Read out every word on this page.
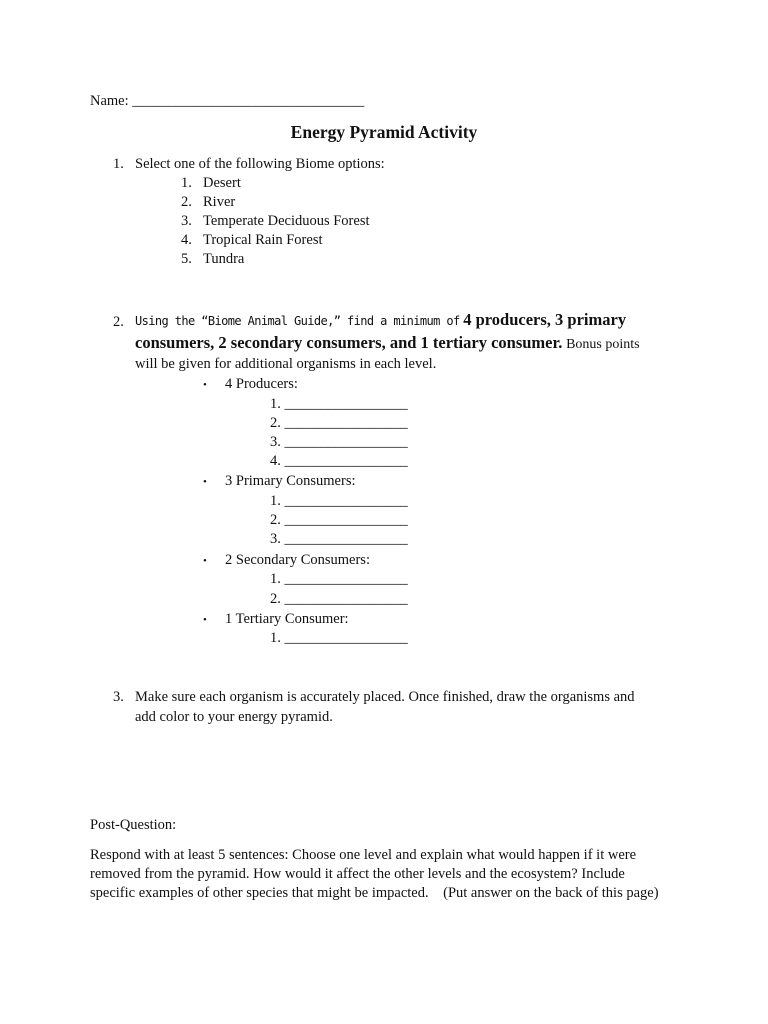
Name: ________________________________
Energy Pyramid Activity
1. Select one of the following Biome options:
1. Desert
2. River
3. Temperate Deciduous Forest
4. Tropical Rain Forest
5. Tundra
2. Using the “Biome Animal Guide,” find a minimum of 4 producers, 3 primary
consumers, 2 secondary consumers, and 1 tertiary consumer. Bonus points
will be given for additional organisms in each level.
• 4 Producers:
1. _________________
2. _________________
3. _________________
4. _________________
• 3 Primary Consumers:
1. _________________
2. _________________
3. _________________
• 2 Secondary Consumers:
1. _________________
2. _________________
• 1 Tertiary Consumer:
1. _________________
3. Make sure each organism is accurately placed. Once finished, draw the organisms and
add color to your energy pyramid.
Post-Question:
Respond with at least 5 sentences: Choose one level and explain what would happen if it were
removed from the pyramid. How would it affect the other levels and the ecosystem? Include
specific examples of other species that might be impacted.    (Put answer on the back of this page)
